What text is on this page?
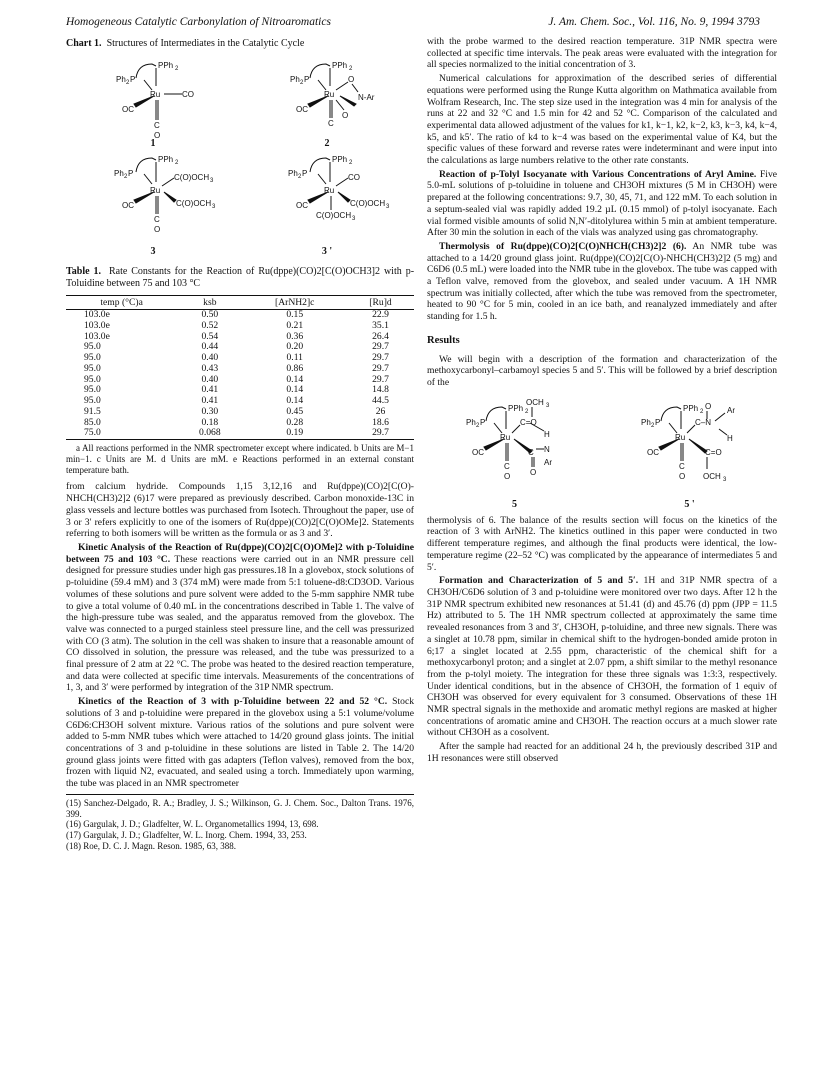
Homogeneous Catalytic Carbonylation of Nitroaromatics	J. Am. Chem. Soc., Vol. 116, No. 9, 1994 3793
Chart 1. Structures of Intermediates in the Catalytic Cycle
PPh 2
Ph 2 P
Ru	CO
OC
C
O
1
PPh 2
Ph 2 P	O
Ru	N-Ar
OC
C
O
2
PPh 2
Ph 2 P	C(O)OCH 3
Ru
C(O)OCH 3
OC
C
O
3
PPh 2
Ph 2 P	CO
Ru
C(O)OCH 3
OC
C(O)OCH 3
3 '
Table 1. Rate Constants for the Reaction of Ru(dppe)(CO)2[C(O)OCH3]2 with p-Toluidine between 75 and 103 °C
temp (°C)a	ksb	[ArNH2]c	[Ru]d
103.0e	0.50	0.15	22.9
103.0e	0.52	0.21	35.1
103.0e	0.54	0.36	26.4
95.0	0.44	0.20	29.7
95.0	0.40	0.11	29.7
95.0	0.43	0.86	29.7
95.0	0.40	0.14	29.7
95.0	0.41	0.14	14.8
95.0	0.41	0.14	44.5
91.5	0.30	0.45	26
85.0	0.18	0.28	18.6
75.0	0.068	0.19	29.7

a All reactions performed in the NMR spectrometer except where indicated. b Units are M−1 min−1. c Units are M. d Units are mM. e Reactions performed in an external constant temperature bath.

from calcium hydride. Compounds 1,15 3,12,16 and Ru(dppe)(CO)2[C(O)-NHCH(CH3)2]2 (6)17 were prepared as previously described. Carbon monoxide-13C in glass vessels and lecture bottles was purchased from Isotech. Throughout the paper, use of 3 or 3′ refers explicitly to one of the isomers of Ru(dppe)(CO)2[C(O)OMe]2. Statements referring to both isomers will be written as the formula or as 3 and 3′.

Kinetic Analysis of the Reaction of Ru(dppe)(CO)2[C(O)OMe]2 with p-Toluidine between 75 and 103 °C. These reactions were carried out in an NMR pressure cell designed for pressure studies under high gas pressures.18 In a glovebox, stock solutions of p-toluidine (59.4 mM) and 3 (374 mM) were made from 5:1 toluene-d8:CD3OD. Various volumes of these solutions and pure solvent were added to the 5-mm sapphire NMR tube to give a total volume of 0.40 mL in the concentrations described in Table 1. The valve of the high-pressure tube was sealed, and the apparatus removed from the glovebox. The valve was connected to a purged stainless steel pressure line, and the cell was pressurized with CO (3 atm). The solution in the cell was shaken to insure that a reasonable amount of CO dissolved in solution, the pressure was released, and the tube was pressurized to a final pressure of 2 atm at 22 °C. The probe was heated to the desired reaction temperature, and data were collected at specific time intervals. Measurements of the concentrations of 1, 3, and 3′ were performed by integration of the 31P NMR spectrum.

Kinetics of the Reaction of 3 with p-Toluidine between 22 and 52 °C. Stock solutions of 3 and p-toluidine were prepared in the glovebox using a 5:1 volume/volume C6D6:CH3OH solvent mixture. Various ratios of the solutions and pure solvent were added to 5-mm NMR tubes which were attached to 14/20 ground glass joints. The initial concentrations of 3 and p-toluidine in these solutions are listed in Table 2. The 14/20 ground glass joints were fitted with gas adapters (Teflon valves), removed from the box, frozen with liquid N2, evacuated, and sealed using a torch. Immediately upon warming, the tube was placed in an NMR spectrometer

(15) Sanchez-Delgado, R. A.; Bradley, J. S.; Wilkinson, G. J. Chem. Soc., Dalton Trans. 1976, 399.
(16) Gargulak, J. D.; Gladfelter, W. L. Organometallics 1994, 13, 698.
(17) Gargulak, J. D.; Gladfelter, W. L. Inorg. Chem. 1994, 33, 253.
(18) Roe, D. C. J. Magn. Reson. 1985, 63, 388.

with the probe warmed to the desired reaction temperature. 31P NMR spectra were collected at specific time intervals. The peak areas were evaluated with the integration for all species normalized to the initial concentration of 3.

Numerical calculations for approximation of the described series of differential equations were performed using the Runge Kutta algorithm on Mathmatica available from Wolfram Research, Inc. The step size used in the integration was 4 min for analysis of the runs at 22 and 32 °C and 1.5 min for 42 and 52 °C. Comparison of the calculated and experimental data allowed adjustment of the values for k1, k−1, k2, k−2, k3, k−3, k4, k−4, k5, and k5′. The ratio of k4 to k−4 was based on the experimental value of K4, but the specific values of these forward and reverse rates were indeterminant and were input into the calculations as large numbers relative to the other rate constants.

Reaction of p-Tolyl Isocyanate with Various Concentrations of Aryl Amine. Five 5.0-mL solutions of p-toluidine in toluene and CH3OH mixtures (5 M in CH3OH) were prepared at the following concentrations: 9.7, 30, 45, 71, and 122 mM. To each solution in a septum-sealed vial was rapidly added 19.2 µL (0.15 mmol) of p-tolyl isocyanate. Each vial formed visible amounts of solid N,N′-ditolylurea within 5 min at ambient temperature. After 30 min the solution in each of the vials was analyzed using gas chromatography.

Thermolysis of Ru(dppe)(CO)2[C(O)NHCH(CH3)2]2 (6). An NMR tube was attached to a 14/20 ground glass joint. Ru(dppe)(CO)2[C(O)-NHCH(CH3)2]2 (5 mg) and C6D6 (0.5 mL) were loaded into the NMR tube in the glovebox. The tube was capped with a Teflon valve, removed from the glovebox, and sealed under vacuum. A 1H NMR spectrum was initially collected, after which the tube was removed from the spectrometer, heated to 90 °C for 5 min, cooled in an ice bath, and reanalyzed immediately and after standing for 1.5 h.

Results

We will begin with a description of the formation and characterization of the methoxycarbonyl–carbamoyl species 5 and 5′. This will be followed by a brief description of the

OCH 3
PPh 2
C=O
Ph 2 P
H
Ru
N
OC	C
Ar
C
O O
5
PPh 2
O Ar
C–N
Ph 2 P
H
Ru
OC	C=O
C
O OCH 3
5 '

thermolysis of 6. The balance of the results section will focus on the kinetics of the reaction of 3 with ArNH2. The kinetics outlined in this paper were conducted in two different temperature regimes, and although the final products were identical, the low-temperature regime (22–52 °C) was complicated by the appearance of intermediates 5 and 5′.

Formation and Characterization of 5 and 5′. 1H and 31P NMR spectra of a CH3OH/C6D6 solution of 3 and p-toluidine were monitored over two days. After 12 h the 31P NMR spectrum exhibited new resonances at 51.41 (d) and 45.76 (d) ppm (JPP = 11.5 Hz) attributed to 5. The 1H NMR spectrum collected at approximately the same time revealed resonances from 3 and 3′, CH3OH, p-toluidine, and three new signals. There was a singlet at 10.78 ppm, similar in chemical shift to the hydrogen-bonded amide proton in 6;17 a singlet located at 2.55 ppm, characteristic of the chemical shift for a methoxycarbonyl proton; and a singlet at 2.07 ppm, a shift similar to the methyl resonance from the p-tolyl moiety. The integration for these three signals was 1:3:3, respectively. Under identical conditions, but in the absence of CH3OH, the formation of 1 equiv of CH3OH was observed for every equivalent for 3 consumed. Observations of these 1H NMR spectral signals in the methoxide and aromatic methyl regions are masked at higher concentrations of aromatic amine and CH3OH. The reaction occurs at a much slower rate without CH3OH as a cosolvent.

After the sample had reacted for an additional 24 h, the previously described 31P and 1H resonances were still observed
